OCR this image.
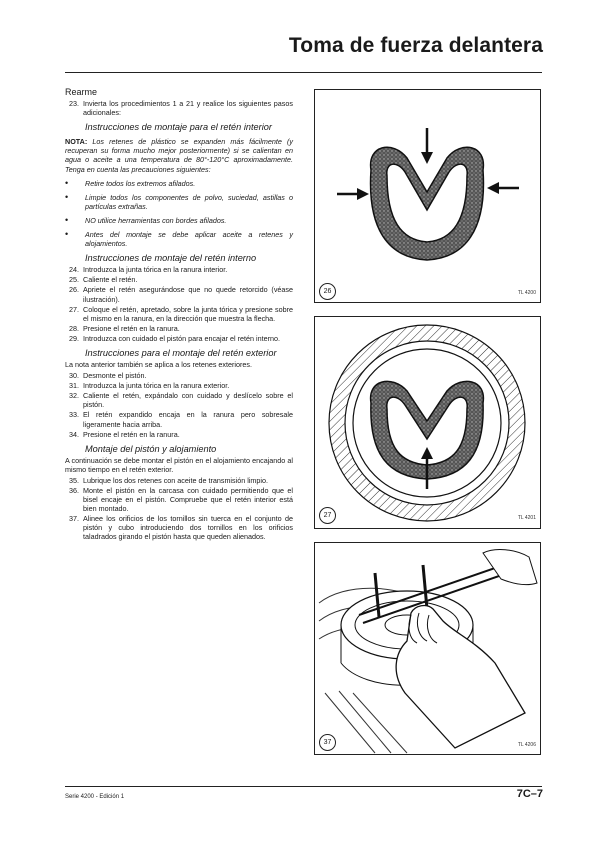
Toma de fuerza delantera

Rearme

23. Invierta los procedimientos 1 a 21 y realice los siguientes pasos adicionales:

Instrucciones de montaje para el retén interior

NOTA: Los retenes de plástico se expanden más fácilmente (y recuperan su forma mucho mejor posteriormente) si se calientan en agua o aceite a una temperatura de 80°-120°C aproximadamente. Tenga en cuenta las precauciones siguientes:

•	Retire todos los extremos afilados.

•	Limpie todos los componentes de polvo, suciedad, astillas o partículas extrañas.

•	NO utilice herramientas con bordes afilados.

•	Antes del montaje se debe aplicar aceite a retenes y alojamientos.

Instrucciones de montaje del retén interno

24. Introduzca la junta tórica en la ranura interior.

25. Caliente el retén.

26. Apriete el retén asegurándose que no quede retorcido (véase ilustración).

27. Coloque el retén, apretado, sobre la junta tórica y presione sobre el mismo en la ranura, en la dirección que muestra la flecha.

28. Presione el retén en la ranura.

29. Introduzca con cuidado el pistón para encajar el retén interno.

Instrucciones para el montaje del retén exterior

La nota anterior también se aplica a los retenes exteriores.

30. Desmonte el pistón.

31. Introduzca la junta tórica en la ranura exterior.

32. Caliente el retén, expándalo con cuidado y deslícelo sobre el pistón.

33. El retén expandido encaja en la ranura pero sobresale ligeramente hacia arriba.

34. Presione el retén en la ranura.

Montaje del pistón y alojamiento

A continuación se debe montar el pistón en el alojamiento encajando al mismo tiempo en el retén exterior.

35. Lubrique los dos retenes con aceite de transmisión limpio.

36. Monte el pistón en la carcasa con cuidado permitiendo que el bisel encaje en el pistón. Compruebe que el retén interior está bien montado.

37. Alinee los orificios de los tornillos sin tuerca en el conjunto de pistón y cubo introduciendo dos tornillos en los orificios taladrados girando el pistón hasta que queden alienados.

26	TL 4200
27	TL 4201
37	TL 4206
Serie 4200 - Edición 1	7C–7
